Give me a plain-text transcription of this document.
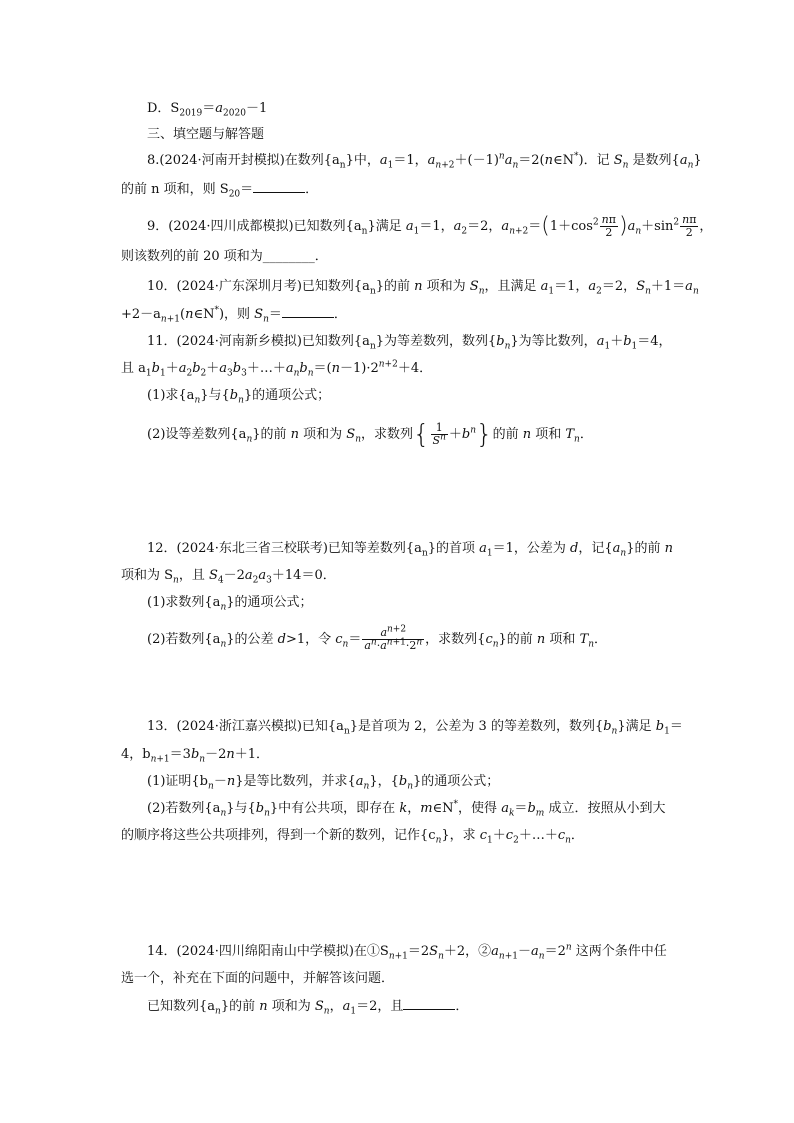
D．$S_{2019}=a_{2020}-1$
三、填空题与解答题
8.(2024·河南开封模拟)在数列$\{a_n\}$中，$a_1=1$，$a_{n+2}+(-1)^na_n=2(n\in N^*)$．记 $S_n$ 是数列$\{a_n\}$
的前 n 项和，则 $S_{20}=$	．
9．(2024·四川成都模拟)已知数列$\{a_n\}$满足 $a_1=1$，$a_2=2$，$a_{n+2}=(1+\cos^2 \frac{n\pi}{2} )a_n+\sin^2 \frac{n\pi}{2}$ ，
则该数列的前 20 项和为________．
10．(2024·广东深圳月考)已知数列$\{a_n\}$的前 n 项和为 $S_n$，且满足 $a_1=1$，$a_2=2$，$S_n+1=a_n$
$+2-a_{n+1}(n\in N^*)$，则 $S_n=$	．
11．(2024·河南新乡模拟)已知数列$\{a_n\}$为等差数列，数列$\{b_n\}$为等比数列，$a_1+b_1=4$，
且 $a_1b_1+a_2b_2+a_3b_3+\dots+a_nb_n=(n-1)\cdot 2^{n+2}+4$．
(1)求$\{a_n\}$与$\{b_n\}$的通项公式；
(2)设等差数列$\{a_n\}$的前 n 项和为 $S_n$，求数列{ $\frac{1}{S^n} +b^n$}的前 n 项和 $T_n$．
12．(2024·东北三省三校联考)已知等差数列$\{a_n\}$的首项 $a_1=1$，公差为 d，记$\{a_n\}$的前 n
项和为 $S_n$，且 $S_4-2a_2a_3+14=0$．
(1)求数列$\{a_n\}$的通项公式；
(2)若数列$\{a_n\}$的公差 d>1，令 $c_n= \frac{a^{n+2}}{a^n\cdot a^{n+1}\cdot 2^n}$ ，求数列$\{c_n\}$的前 n 项和 $T_n$．
13．(2024·浙江嘉兴模拟)已知$\{a_n\}$是首项为 2，公差为 3 的等差数列，数列$\{b_n\}$满足 $b_1=$
4，$b_{n+1}=3b_n-2n+1$．
(1)证明$\{b_n-n\}$是等比数列，并求$\{a_n\}$，$\{b_n\}$的通项公式；
(2)若数列$\{a_n\}$与$\{b_n\}$中有公共项，即存在 k，m∈N*，使得 $a_k=b_m$ 成立．按照从小到大
的顺序将这些公共项排列，得到一个新的数列，记作$\{c_n\}$，求 $c_1+c_2+\dots+c_n$．
14．(2024·四川绵阳南山中学模拟)在$①S_{n+1}=2S_n+2$，$②a_{n+1}-a_n=2^n$ 这两个条件中任
选一个，补充在下面的问题中，并解答该问题．
已知数列$\{a_n\}$的前 n 项和为 $S_n$，$a_1=2$，且	．
